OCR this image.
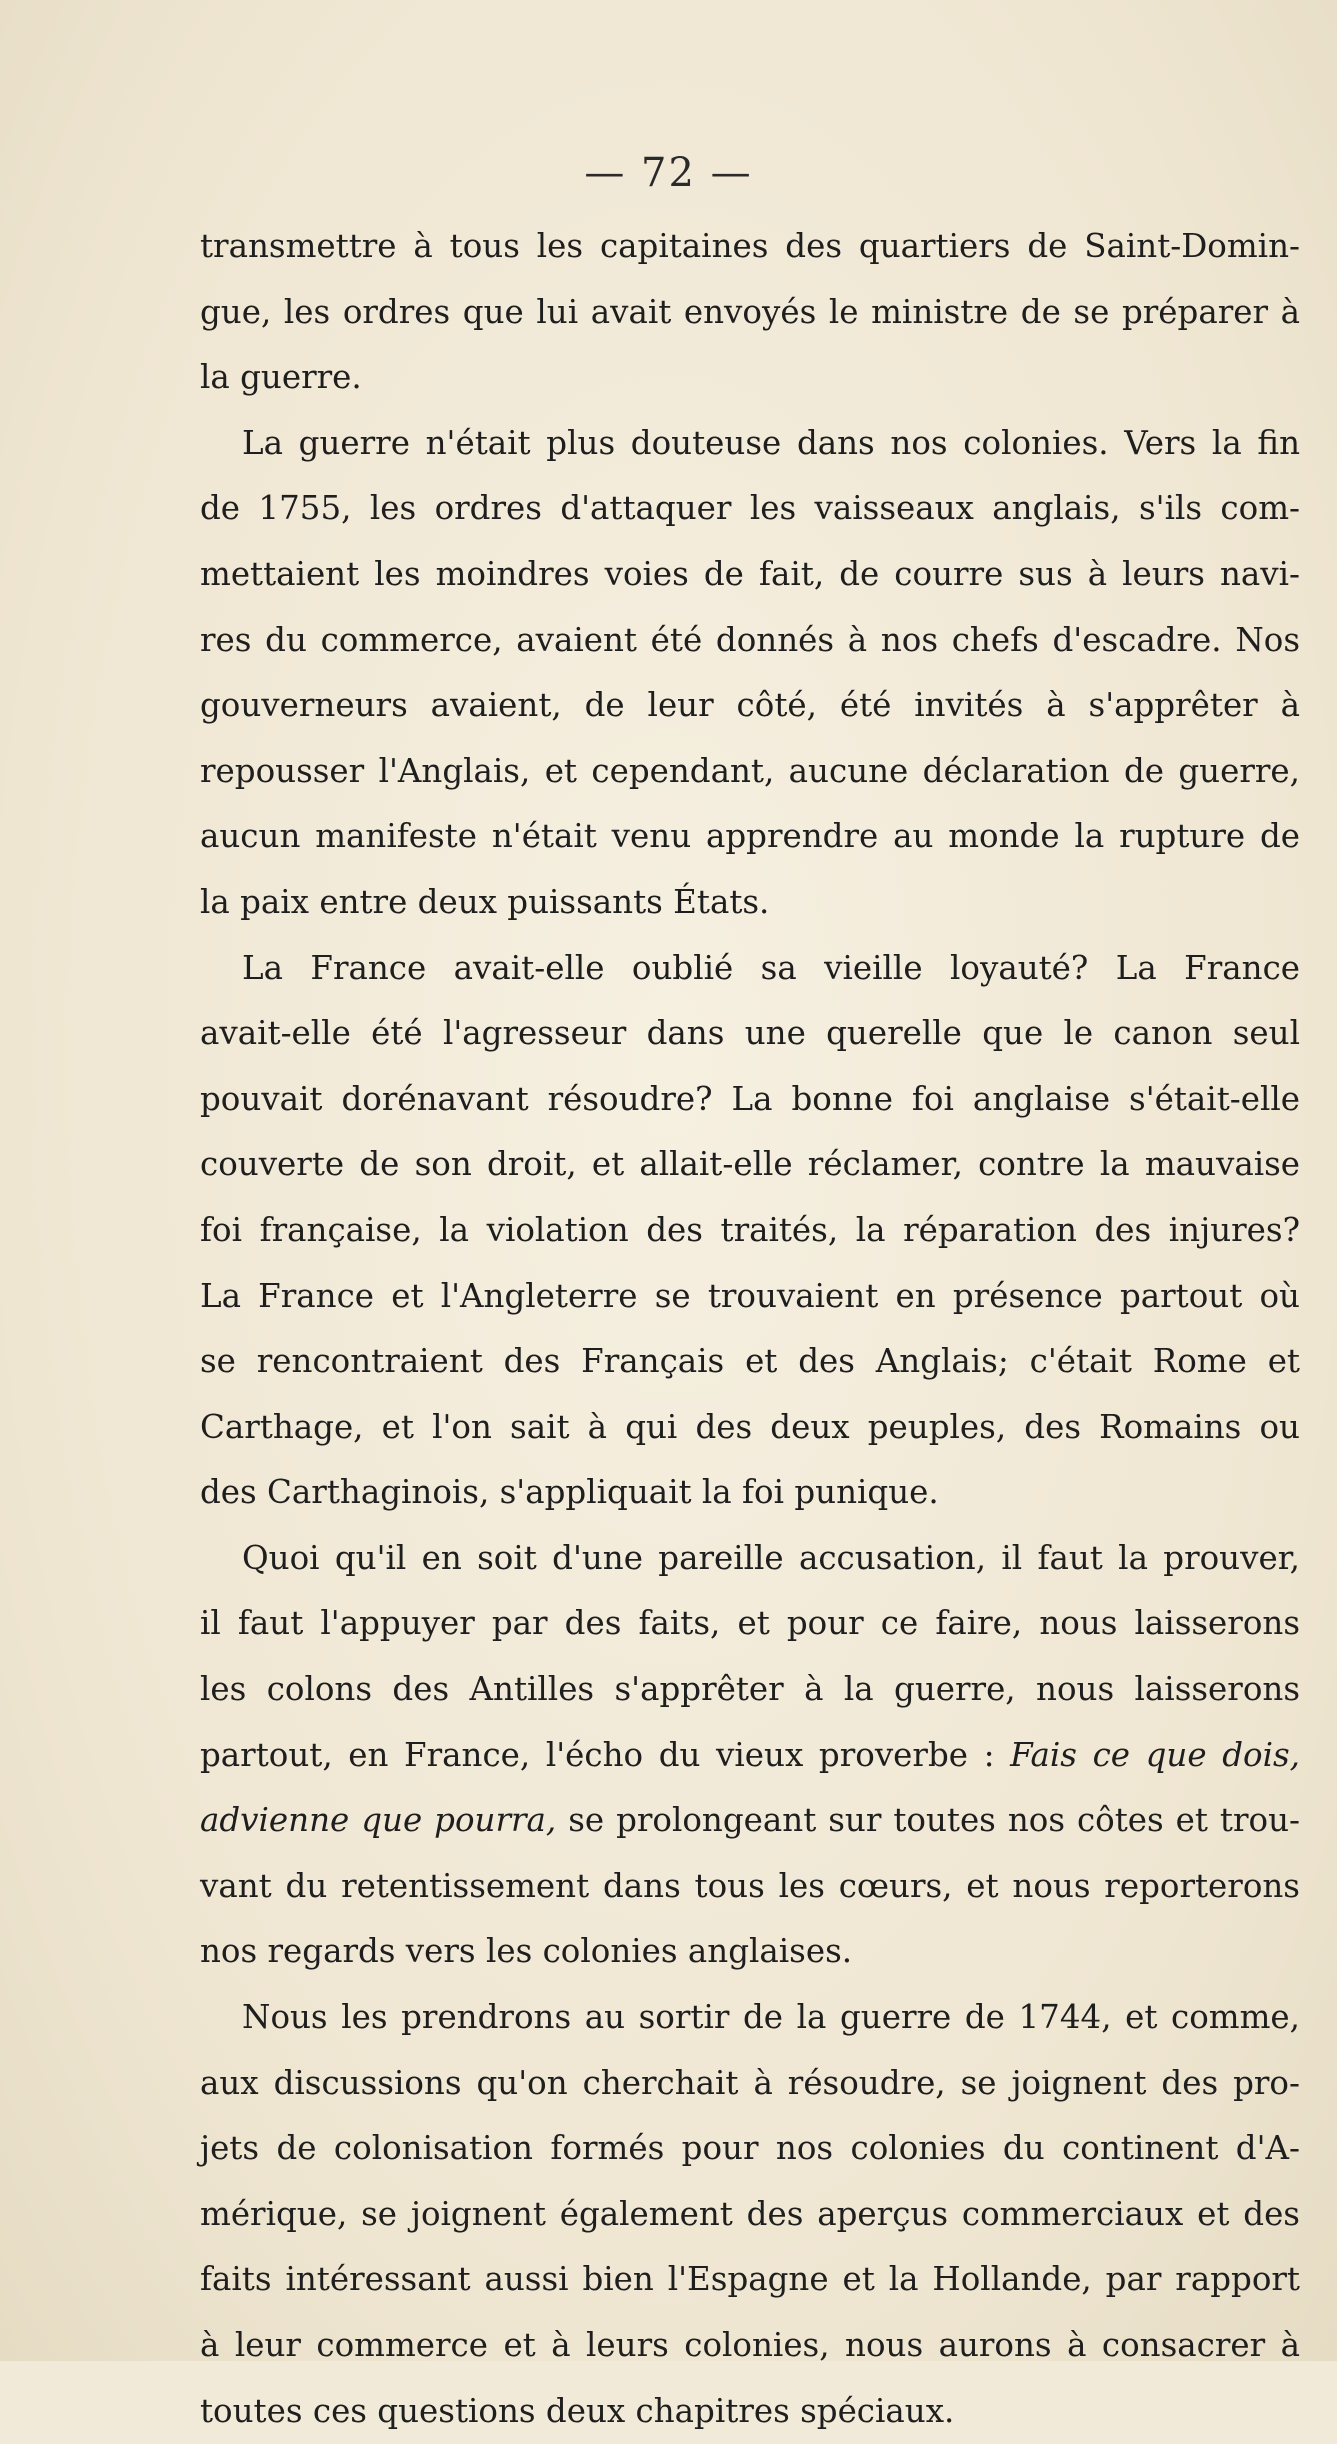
— 72 —
transmettre à tous les capitaines des quartiers de Saint-Domin-
gue, les ordres que lui avait envoyés le ministre de se préparer à
la guerre.
La guerre n'était plus douteuse dans nos colonies. Vers la fin
de 1755, les ordres d'attaquer les vaisseaux anglais, s'ils com-
mettaient les moindres voies de fait, de courre sus à leurs navi-
res du commerce, avaient été donnés à nos chefs d'escadre. Nos
gouverneurs avaient, de leur côté, été invités à s'apprêter à
repousser l'Anglais, et cependant, aucune déclaration de guerre,
aucun manifeste n'était venu apprendre au monde la rupture de
la paix entre deux puissants États.
La France avait-elle oublié sa vieille loyauté? La France
avait-elle été l'agresseur dans une querelle que le canon seul
pouvait dorénavant résoudre? La bonne foi anglaise s'était-elle
couverte de son droit, et allait-elle réclamer, contre la mauvaise
foi française, la violation des traités, la réparation des injures?
La France et l'Angleterre se trouvaient en présence partout où
se rencontraient des Français et des Anglais; c'était Rome et
Carthage, et l'on sait à qui des deux peuples, des Romains ou
des Carthaginois, s'appliquait la foi punique.
Quoi qu'il en soit d'une pareille accusation, il faut la prouver,
il faut l'appuyer par des faits, et pour ce faire, nous laisserons
les colons des Antilles s'apprêter à la guerre, nous laisserons
partout, en France, l'écho du vieux proverbe : Fais ce que dois,
advienne que pourra, se prolongeant sur toutes nos côtes et trou-
vant du retentissement dans tous les cœurs, et nous reporterons
nos regards vers les colonies anglaises.
Nous les prendrons au sortir de la guerre de 1744, et comme,
aux discussions qu'on cherchait à résoudre, se joignent des pro-
jets de colonisation formés pour nos colonies du continent d'A-
mérique, se joignent également des aperçus commerciaux et des
faits intéressant aussi bien l'Espagne et la Hollande, par rapport
à leur commerce et à leurs colonies, nous aurons à consacrer à
toutes ces questions deux chapitres spéciaux.
